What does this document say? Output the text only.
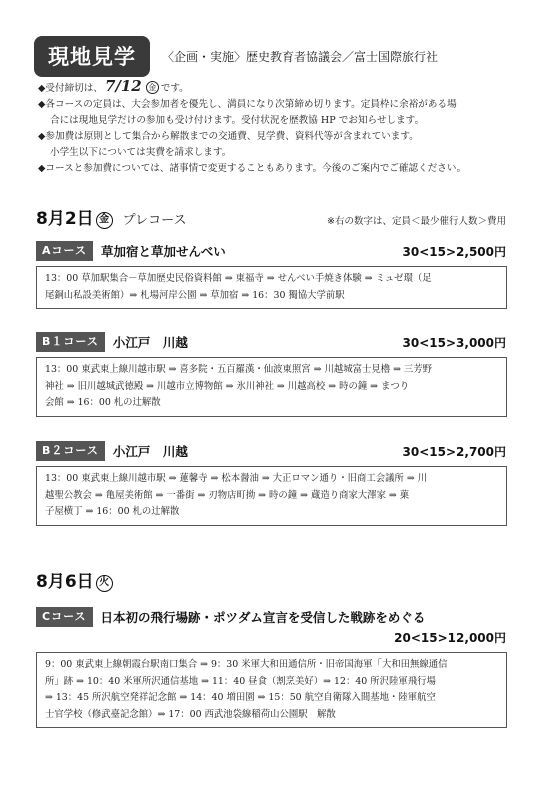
現地見学	〈企画・実施〉歴史教育者協議会／富士国際旅行社
◆受付締切は、 7/12 金 です。
◆各コースの定員は、大会参加者を優先し、満員になり次第締め切ります。定員枠に余裕がある場
合には現地見学だけの参加も受け付けます。受付状況を歴教協 HP でお知らせします。
◆参加費は原則として集合から解散までの交通費、見学費、資料代等が含まれています。
小学生以下については実費を請求します。
◆コースと参加費については、諸事情で変更することもあります。今後のご案内でご確認ください。
8月2日 金 プレコース	※右の数字は、定員＜最少催行人数＞費用
Aコース	草加宿と草加せんべい	30<15>2,500円
13：00 草加駅集合－草加歴史民俗資料館 ⇒ 東福寺 ⇒ せんべい手焼き体験 ⇒ ミュゼ環（足
尾銅山私設美術館）⇒ 札場河岸公園 ⇒ 草加宿 ⇒ 16：30 獨協大学前駅
B１コース	小江戸　川越	30<15>3,000円
13：00 東武東上線川越市駅 ⇒ 喜多院・五百羅漢・仙波東照宮 ⇒ 川越城富士見櫓 ⇒ 三芳野
神社 ⇒ 旧川越城武徳殿 ⇒ 川越市立博物館 ⇒ 氷川神社 ⇒ 川越高校 ⇒ 時の鐘 ⇒ まつり
会館 ⇒ 16：00 札の辻解散
B２コース	小江戸　川越	30<15>2,700円
13：00 東武東上線川越市駅 ⇒ 蓮馨寺 ⇒ 松本醤油 ⇒ 大正ロマン通り・旧商工会議所 ⇒ 川
越聖公教会 ⇒ 亀屋美術館 ⇒ 一番街 ⇒ 刃物店町拗 ⇒ 時の鐘 ⇒ 蔵造り商家大澤家 ⇒ 菓
子屋横丁 ⇒ 16：00 札の辻解散
8月6日 火
Cコース	日本初の飛行場跡・ポツダム宣言を受信した戦跡をめぐる
20<15>12,000円
9：00 東武東上線朝霞台駅南口集合 ⇒ 9：30 米軍大和田通信所・旧帝国海軍「大和田無線通信
所」跡 ⇒ 10：40 米軍所沢通信基地 ⇒ 11：40 昼食（割烹美好）⇒ 12：40 所沢陸軍飛行場
⇒ 13：45 所沢航空発祥記念館 ⇒ 14：40 増田園 ⇒ 15：50 航空自衛隊入間基地・陸軍航空
士官学校（修武臺記念館）⇒ 17：00 西武池袋線稲荷山公園駅　解散
